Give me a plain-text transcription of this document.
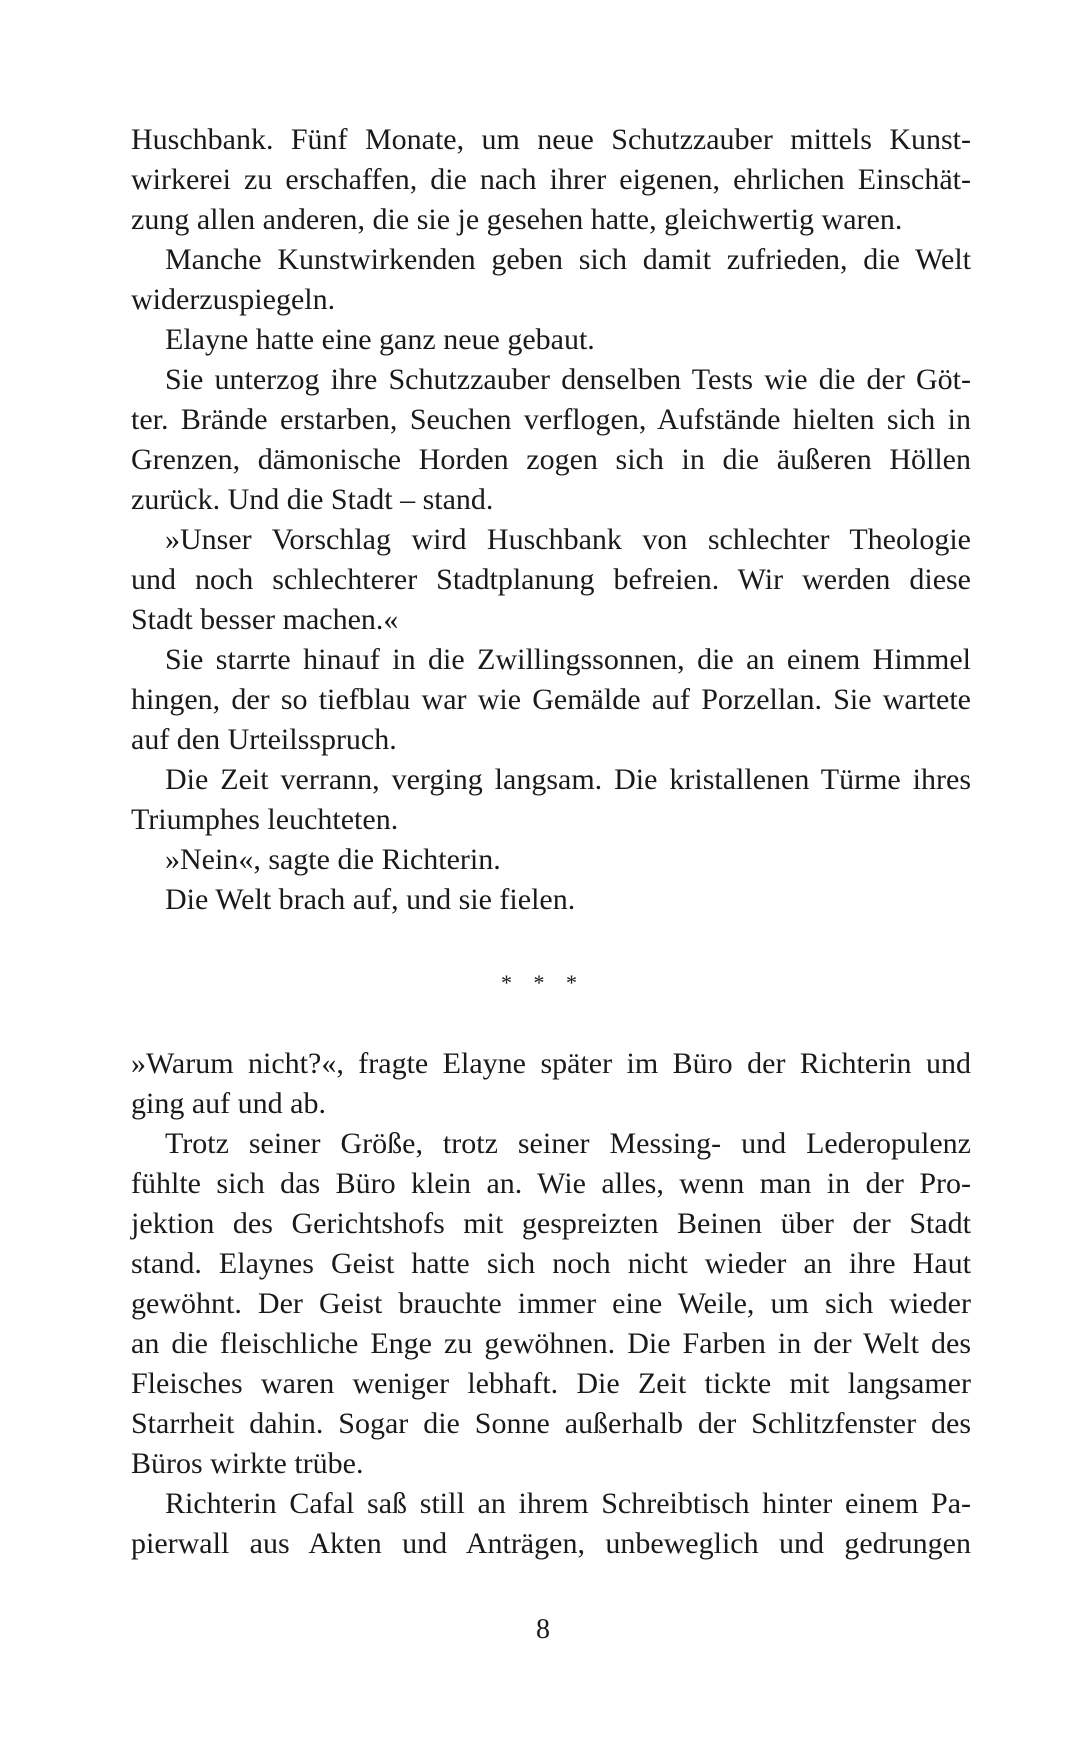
Huschbank. Fünf Monate, um neue Schutzzauber mittels Kunst-
wirkerei zu erschaffen, die nach ihrer eigenen, ehrlichen Einschät-
zung allen anderen, die sie je gesehen hatte, gleichwertig waren.
Manche Kunstwirkenden geben sich damit zufrieden, die Welt
widerzuspiegeln.
Elayne hatte eine ganz neue gebaut.
Sie unterzog ihre Schutzzauber denselben Tests wie die der Göt-
ter. Brände erstarben, Seuchen verflogen, Aufstände hielten sich in
Grenzen, dämonische Horden zogen sich in die äußeren Höllen
zurück. Und die Stadt – stand.
»Unser Vorschlag wird Huschbank von schlechter Theologie
und noch schlechterer Stadtplanung befreien. Wir werden diese
Stadt besser machen.«
Sie starrte hinauf in die Zwillingssonnen, die an einem Himmel
hingen, der so tiefblau war wie Gemälde auf Porzellan. Sie wartete
auf den Urteilsspruch.
Die Zeit verrann, verging langsam. Die kristallenen Türme ihres
Triumphes leuchteten.
»Nein«, sagte die Richterin.
Die Welt brach auf, und sie fielen.
* * *
»Warum nicht?«, fragte Elayne später im Büro der Richterin und
ging auf und ab.
Trotz seiner Größe, trotz seiner Messing- und Lederopulenz
fühlte sich das Büro klein an. Wie alles, wenn man in der Pro-
jektion des Gerichtshofs mit gespreizten Beinen über der Stadt
stand. Elaynes Geist hatte sich noch nicht wieder an ihre Haut
gewöhnt. Der Geist brauchte immer eine Weile, um sich wieder
an die fleischliche Enge zu gewöhnen. Die Farben in der Welt des
Fleisches waren weniger lebhaft. Die Zeit tickte mit langsamer
Starrheit dahin. Sogar die Sonne außerhalb der Schlitzfenster des
Büros wirkte trübe.
Richterin Cafal saß still an ihrem Schreibtisch hinter einem Pa-
pierwall aus Akten und Anträgen, unbeweglich und gedrungen
8
